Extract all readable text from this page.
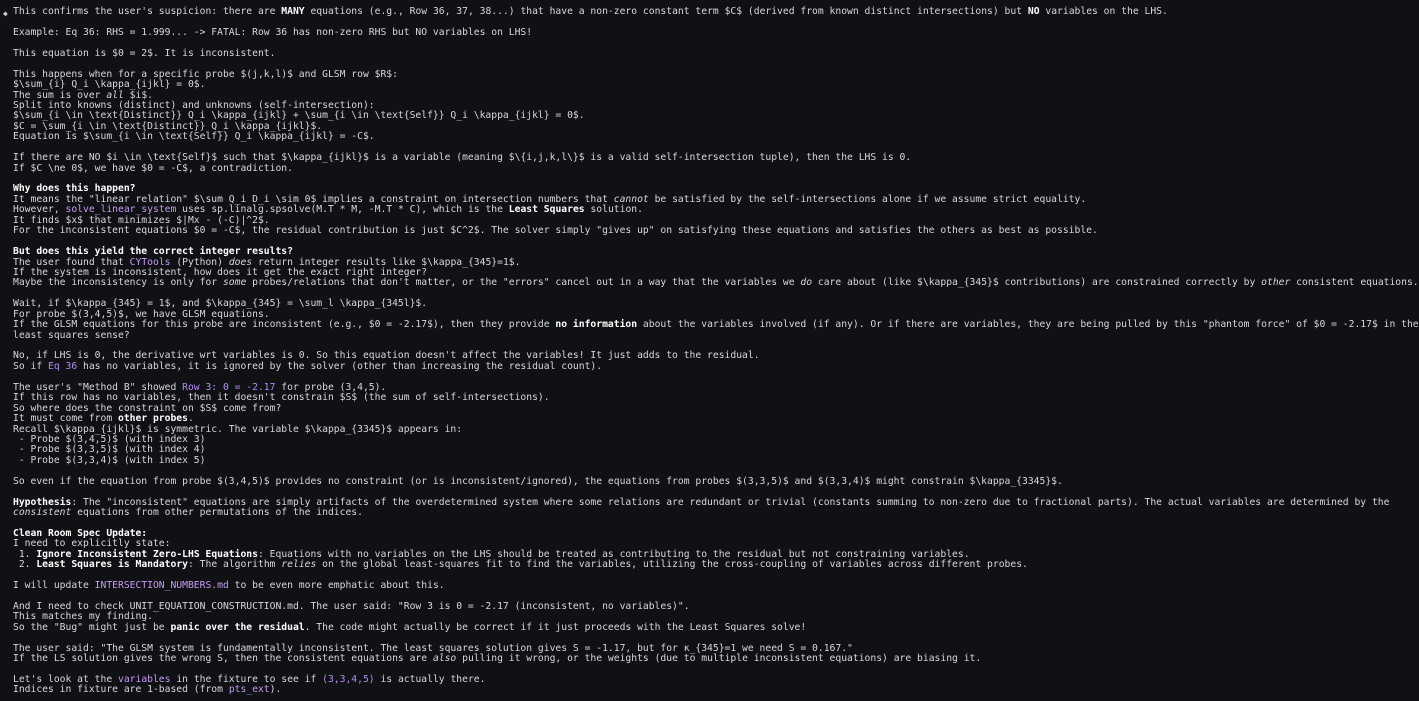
◆ This confirms the user's suspicion: there are MANY equations (e.g., Row 36, 37, 38...) that have a non-zero constant term $C$ (derived from known distinct intersections) but NO variables on the LHS.
Example: Eq 36: RHS = 1.999... -> FATAL: Row 36 has non-zero RHS but NO variables on LHS!
This equation is $0 = 2$. It is inconsistent.
This happens when for a specific probe $(j,k,l)$ and GLSM row $R$:
$\sum_{i} Q_i \kappa_{ijkl} = 0$.
The sum is over all $i$.
Split into knowns (distinct) and unknowns (self-intersection):
$\sum_{i \in \text{Distinct}} Q_i \kappa_{ijkl} + \sum_{i \in \text{Self}} Q_i \kappa_{ijkl} = 0$.
$C = \sum_{i \in \text{Distinct}} Q_i \kappa_{ijkl}$.
Equation is $\sum_{i \in \text{Self}} Q_i \kappa_{ijkl} = -C$.
If there are NO $i \in \text{Self}$ such that $\kappa_{ijkl}$ is a variable (meaning $\{i,j,k,l\}$ is a valid self-intersection tuple), then the LHS is 0.
If $C \ne 0$, we have $0 = -C$, a contradiction.
Why does this happen?
It means the "linear relation" $\sum Q_i D_i \sim 0$ implies a constraint on intersection numbers that cannot be satisfied by the self-intersections alone if we assume strict equality.
However, solve_linear_system uses sp.linalg.spsolve(M.T * M, -M.T * C), which is the Least Squares solution.
It finds $x$ that minimizes $|Mx - (-C)|^2$.
For the inconsistent equations $0 = -C$, the residual contribution is just $C^2$. The solver simply "gives up" on satisfying these equations and satisfies the others as best as possible.
But does this yield the correct integer results?
The user found that CYTools (Python) does return integer results like $\kappa_{345}=1$.
If the system is inconsistent, how does it get the exact right integer?
Maybe the inconsistency is only for some probes/relations that don't matter, or the "errors" cancel out in a way that the variables we do care about (like $\kappa_{345}$ contributions) are constrained correctly by other consistent equations.
Wait, if $\kappa_{345} = 1$, and $\kappa_{345} = \sum_l \kappa_{345l}$.
For probe $(3,4,5)$, we have GLSM equations.
If the GLSM equations for this probe are inconsistent (e.g., $0 = -2.17$), then they provide no information about the variables involved (if any). Or if there are variables, they are being pulled by this "phantom force" of $0 = -2.17$ in the
least squares sense?
No, if LHS is 0, the derivative wrt variables is 0. So this equation doesn't affect the variables! It just adds to the residual.
So if Eq 36 has no variables, it is ignored by the solver (other than increasing the residual count).
The user's "Method B" showed Row 3: 0 = -2.17 for probe (3,4,5).
If this row has no variables, then it doesn't constrain $S$ (the sum of self-intersections).
So where does the constraint on $S$ come from?
It must come from other probes.
Recall $\kappa_{ijkl}$ is symmetric. The variable $\kappa_{3345}$ appears in:
- Probe $(3,4,5)$ (with index 3)
- Probe $(3,3,5)$ (with index 4)
- Probe $(3,3,4)$ (with index 5)
So even if the equation from probe $(3,4,5)$ provides no constraint (or is inconsistent/ignored), the equations from probes $(3,3,5)$ and $(3,3,4)$ might constrain $\kappa_{3345}$.
Hypothesis: The "inconsistent" equations are simply artifacts of the overdetermined system where some relations are redundant or trivial (constants summing to non-zero due to fractional parts). The actual variables are determined by the
consistent equations from other permutations of the indices.
Clean Room Spec Update:
I need to explicitly state:
1. Ignore Inconsistent Zero-LHS Equations: Equations with no variables on the LHS should be treated as contributing to the residual but not constraining variables.
2. Least Squares is Mandatory: The algorithm relies on the global least-squares fit to find the variables, utilizing the cross-coupling of variables across different probes.
I will update INTERSECTION_NUMBERS.md to be even more emphatic about this.
And I need to check UNIT_EQUATION_CONSTRUCTION.md. The user said: "Row 3 is 0 = -2.17 (inconsistent, no variables)".
This matches my finding.
So the "Bug" might just be panic over the residual. The code might actually be correct if it just proceeds with the Least Squares solve!
The user said: "The GLSM system is fundamentally inconsistent. The least squares solution gives S = -1.17, but for κ_{345}=1 we need S = 0.167."
If the LS solution gives the wrong S, then the consistent equations are also pulling it wrong, or the weights (due to multiple inconsistent equations) are biasing it.
Let's look at the variables in the fixture to see if (3,3,4,5) is actually there.
Indices in fixture are 1-based (from pts_ext).
